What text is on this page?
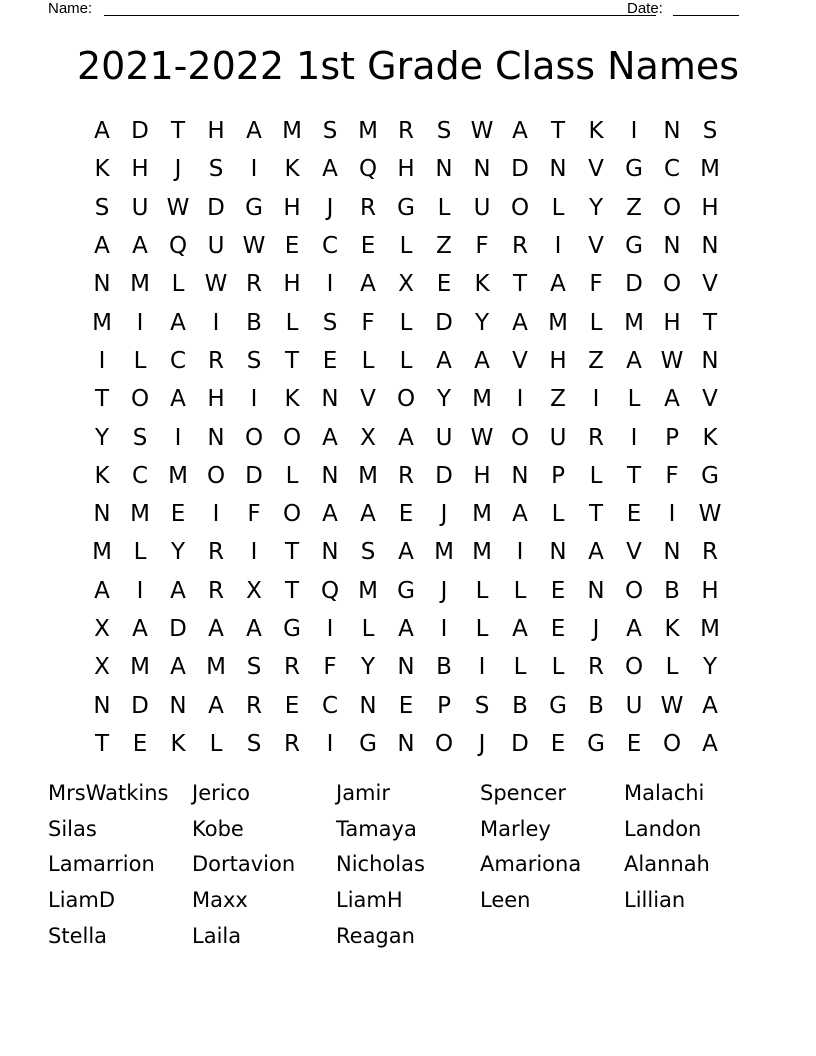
Name:	Date:
2021-2022 1st Grade Class Names
A D T H A M S M R S W A	T	K	I	N S
K H	J	S	I	K A Q H N N D N V G C M
S U W D G H	J	R G L	U O L	Y	Z O H
A A Q U W E C E	L	Z	F	R	I	V G N N
N M L W R H	I	A X E	K	T	A	F D O V
M	I	A	I	B	L	S	F	L D Y	A M L M H T
I	L	C R S	T	E	L	L	A A V H Z A W N
T O A H	I	K N V O Y M	I	Z	I	L	A V
Y	S	I	N O O A X A U W O U R	I	P	K
K C M O D L N M R D H N P	L	T	F G
N M E	I	F O A A E	J	M A	L	T	E	I	W
M L	Y R	I	T N S A M M	I	N A V N R
A	I	A R X	T Q M G	J	L	L	E N O B H
X A D A A G	I	L	A	I	L	A E	J	A K M
X M A M S R	F	Y N B	I	L	L	R O L	Y
N D N A R E C N E	P	S B G B U W A
T	E	K	L	S R	I	G N O	J	D E G E O A
MrsWatkins	Jerico	Jamir	Spencer	Malachi
Silas	Kobe	Tamaya	Marley	Landon
Lamarrion	Dortavion	Nicholas	Amariona	Alannah
LiamD	Maxx	LiamH	Leen	Lillian
Stella	Laila	Reagan
